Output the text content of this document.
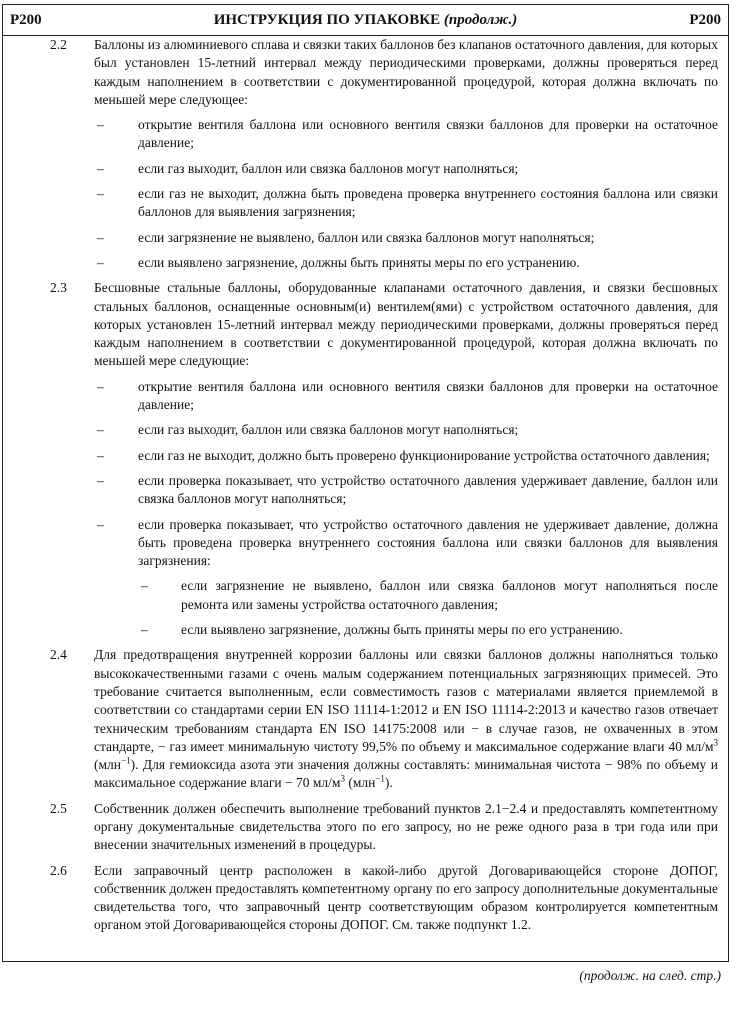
P200	ИНСТРУКЦИЯ ПО УПАКОВКЕ (продолж.)	P200
2.2 Баллоны из алюминиевого сплава и связки таких баллонов без клапанов остаточного давления, для которых был установлен 15-летний интервал между периодическими проверками, должны проверяться перед каждым наполнением в соответствии с документированной процедурой, которая должна включать по меньшей мере следующее:
–	открытие вентиля баллона или основного вентиля связки баллонов для проверки на остаточное давление;
–	если газ выходит, баллон или связка баллонов могут наполняться;
–	если газ не выходит, должна быть проведена проверка внутреннего состояния баллона или связки баллонов для выявления загрязнения;
–	если загрязнение не выявлено, баллон или связка баллонов могут наполняться;
–	если выявлено загрязнение, должны быть приняты меры по его устранению.
2.3 Бесшовные стальные баллоны, оборудованные клапанами остаточного давления, и связки бесшовных стальных баллонов, оснащенные основным(и) вентилем(ями) с устройством остаточного давления, для которых установлен 15-летний интервал между периодическими проверками, должны проверяться перед каждым наполнением в соответствии с документированной процедурой, которая должна включать по меньшей мере следующие:
–	открытие вентиля баллона или основного вентиля связки баллонов для проверки на остаточное давление;
–	если газ выходит, баллон или связка баллонов могут наполняться;
–	если газ не выходит, должно быть проверено функционирование устройства остаточного давления;
–	если проверка показывает, что устройство остаточного давления удерживает давление, баллон или связка баллонов могут наполняться;
–	если проверка показывает, что устройство остаточного давления не удерживает давление, должна быть проведена проверка внутреннего состояния баллона или связки баллонов для выявления загрязнения:
– если загрязнение не выявлено, баллон или связка баллонов могут наполняться после ремонта или замены устройства остаточного давления;
– если выявлено загрязнение, должны быть приняты меры по его устранению.
2.4 Для предотвращения внутренней коррозии баллоны или связки баллонов должны наполняться только высококачественными газами с очень малым содержанием потенциальных загрязняющих примесей. Это требование считается выполненным, если совместимость газов с материалами является приемлемой в соответствии со стандартами серии EN ISO 11114-1:2012 и EN ISO 11114-2:2013 и качество газов отвечает техническим требованиям стандарта EN ISO 14175:2008 или − в случае газов, не охваченных в этом стандарте, − газ имеет минимальную чистоту 99,5% по объему и максимальное содержание влаги 40 $мл/м^3$ (млн$^{-1}$). Для гемиоксида азота эти значения должны составлять: минимальная чистота − 98% по объему и максимальное содержание влаги − 70 $мл/м^3$ (млн$^{-1}$).
2.5 Собственник должен обеспечить выполнение требований пунктов 2.1−2.4 и предоставлять компетентному органу документальные свидетельства этого по его запросу, но не реже одного раза в три года или при внесении значительных изменений в процедуры.
2.6 Если заправочный центр расположен в какой-либо другой Договаривающейся стороне ДОПОГ, собственник должен предоставлять компетентному органу по его запросу дополнительные документальные свидетельства того, что заправочный центр соответствующим образом контролируется компетентным органом этой Договаривающейся стороны ДОПОГ. См. также подпункт 1.2.
(продолж. на след. стр.)
